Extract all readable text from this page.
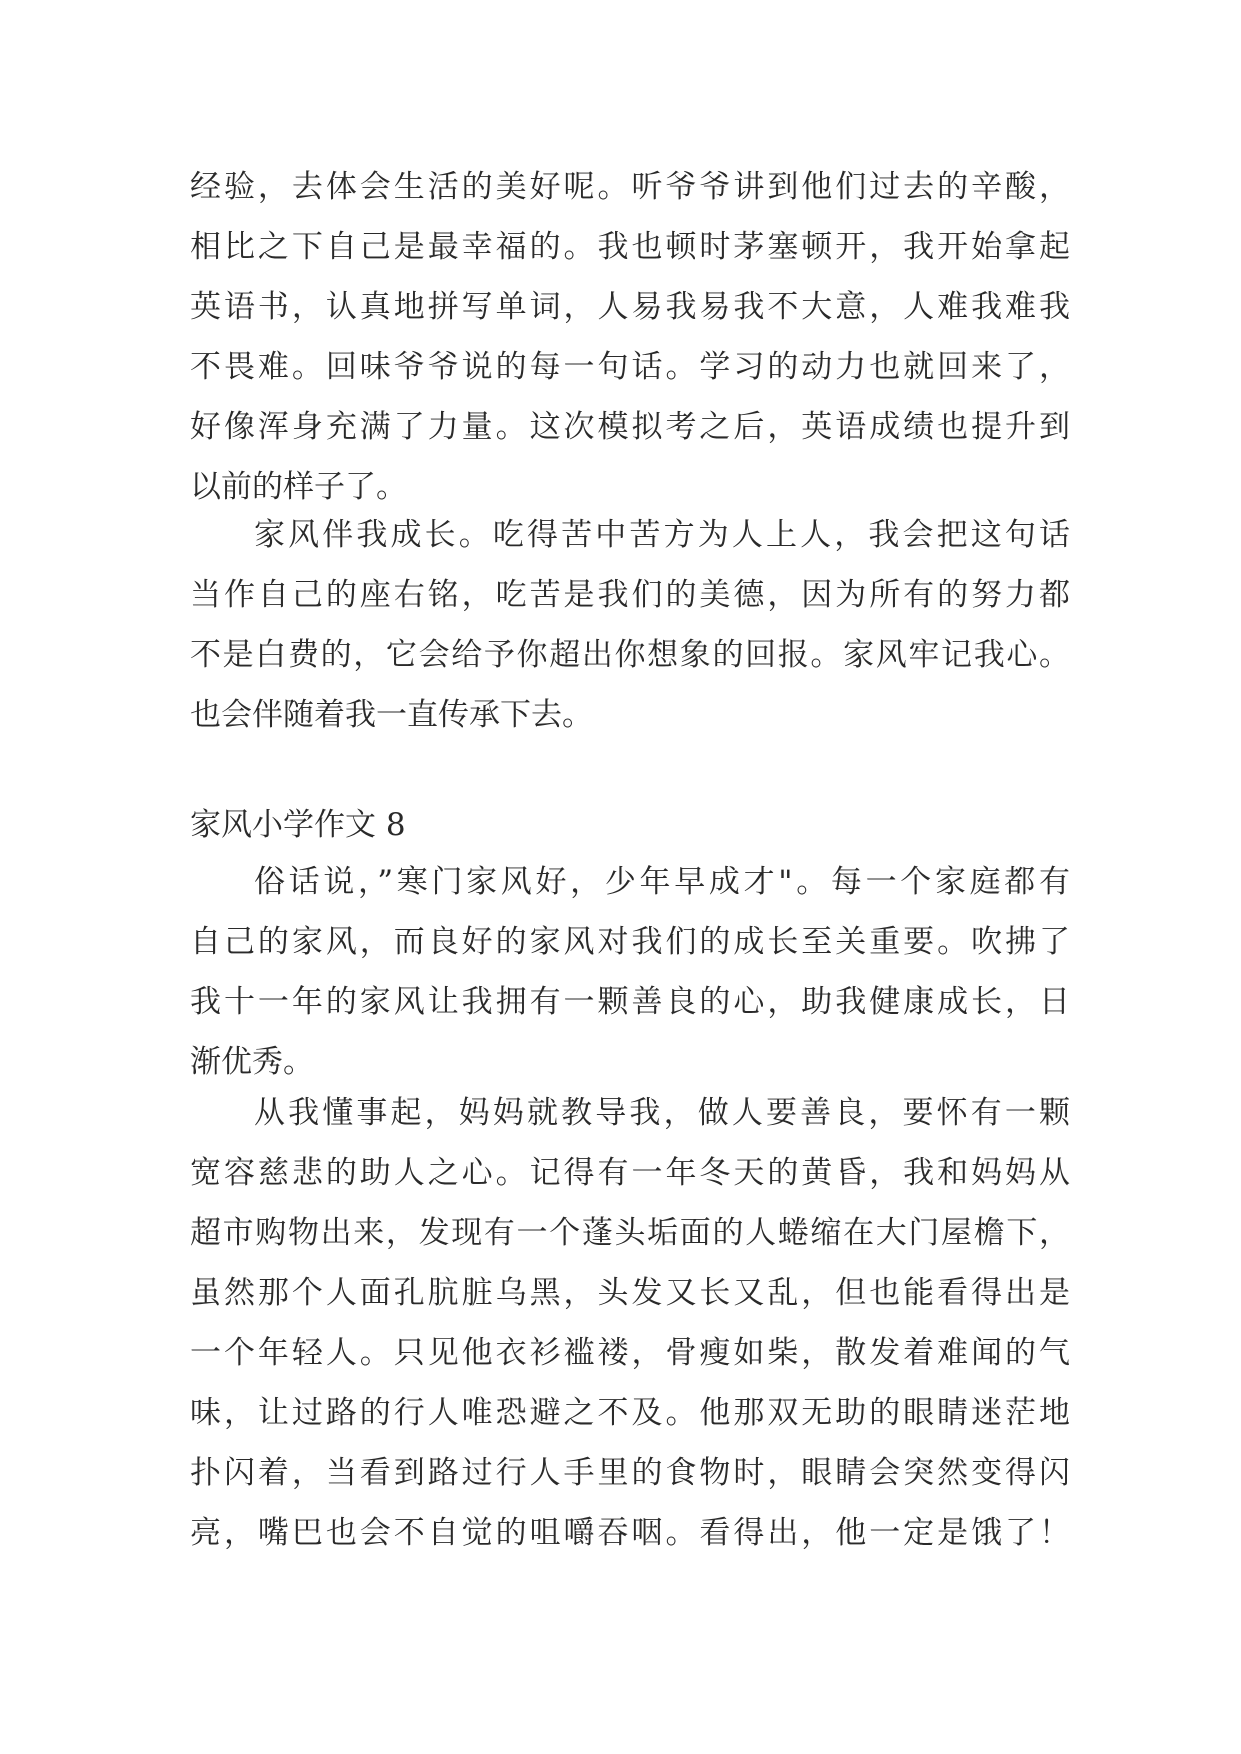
经验，去体会生活的美好呢。听爷爷讲到他们过去的辛酸，
相比之下自己是最幸福的。我也顿时茅塞顿开，我开始拿起
英语书，认真地拼写单词，人易我易我不大意，人难我难我
不畏难。回味爷爷说的每一句话。学习的动力也就回来了，
好像浑身充满了力量。这次模拟考之后，英语成绩也提升到
以前的样子了。
家风伴我成长。吃得苦中苦方为人上人，我会把这句话
当作自己的座右铭，吃苦是我们的美德，因为所有的努力都
不是白费的，它会给予你超出你想象的回报。家风牢记我心。
也会伴随着我一直传承下去。
家风小学作文 8
俗话说，”寒门家风好，少年早成才"。每一个家庭都有
自己的家风，而良好的家风对我们的成长至关重要。吹拂了
我十一年的家风让我拥有一颗善良的心，助我健康成长，日
渐优秀。
从我懂事起，妈妈就教导我，做人要善良，要怀有一颗
宽容慈悲的助人之心。记得有一年冬天的黄昏，我和妈妈从
超市购物出来，发现有一个蓬头垢面的人蜷缩在大门屋檐下，
虽然那个人面孔肮脏乌黑，头发又长又乱，但也能看得出是
一个年轻人。只见他衣衫褴褛，骨瘦如柴，散发着难闻的气
味，让过路的行人唯恐避之不及。他那双无助的眼睛迷茫地
扑闪着，当看到路过行人手里的食物时，眼睛会突然变得闪
亮，嘴巴也会不自觉的咀嚼吞咽。看得出，他一定是饿了！
